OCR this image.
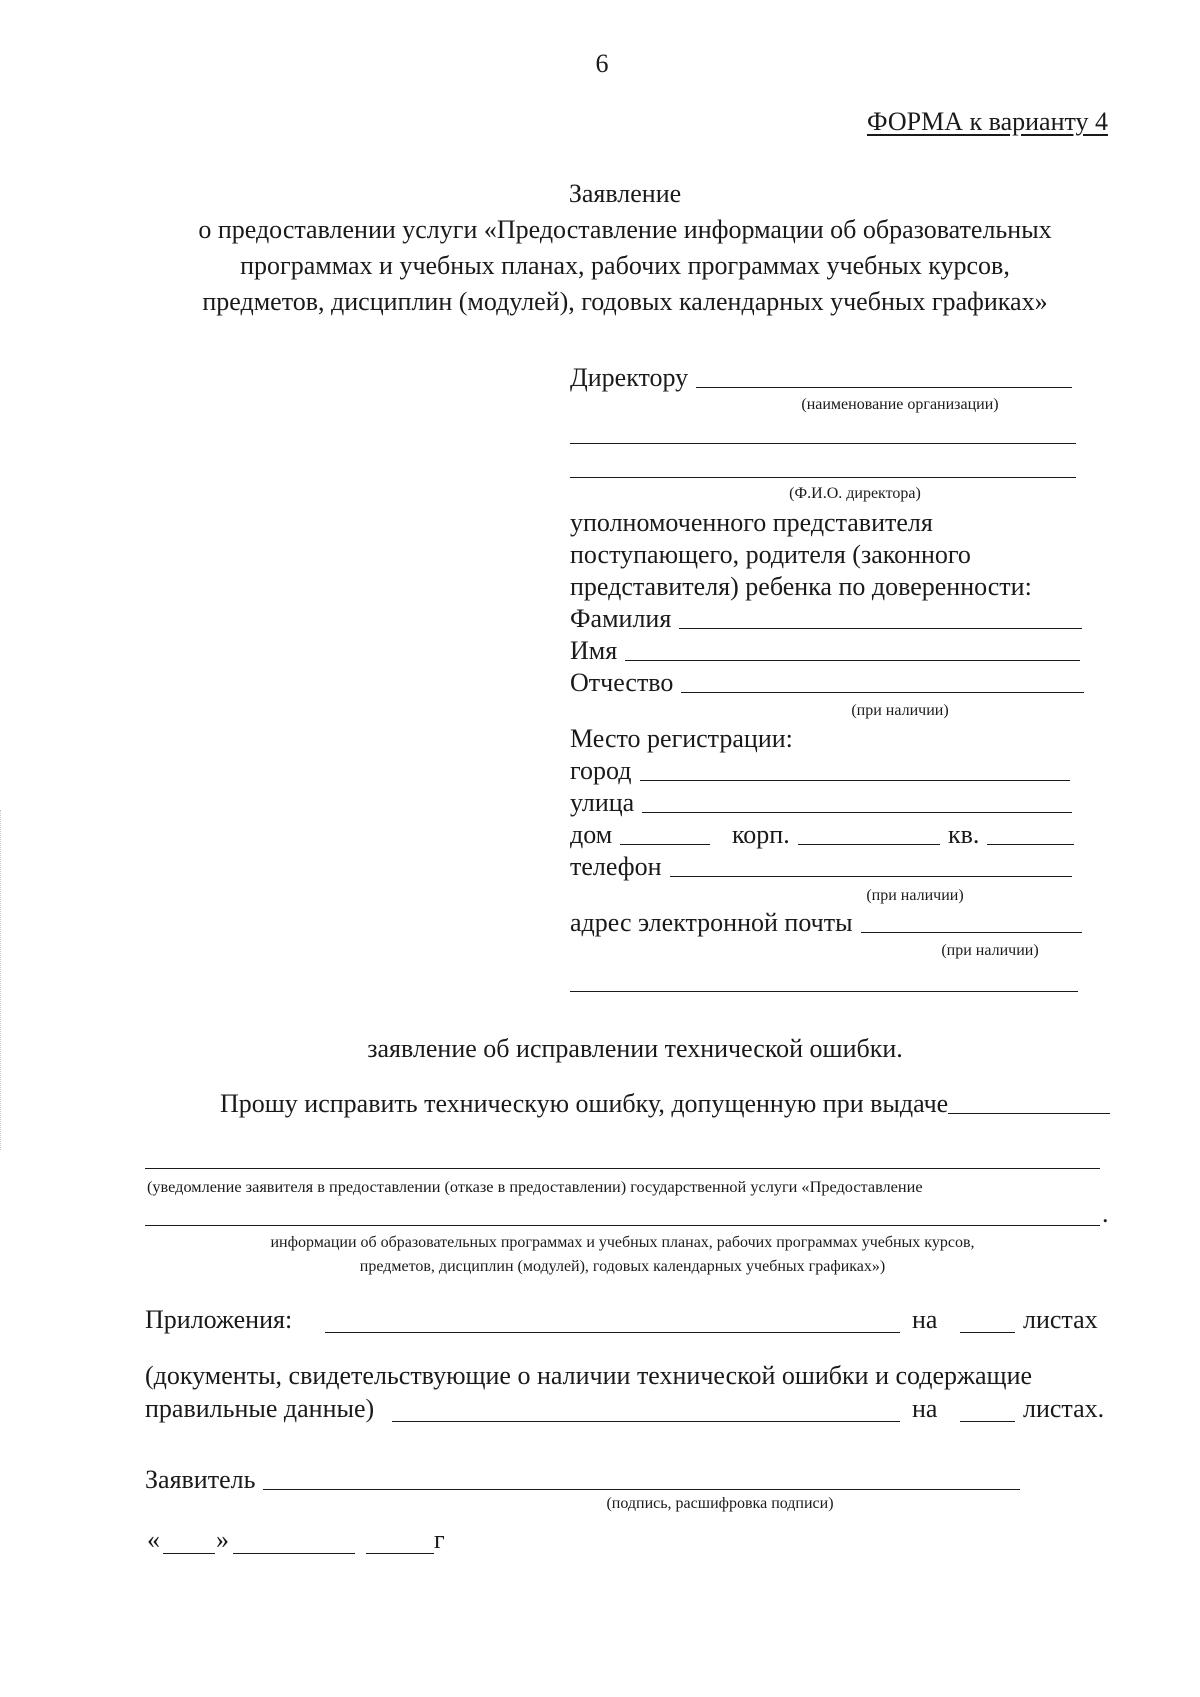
6
ФОРМА к варианту 4
Заявление
о предоставлении услуги «Предоставление информации об образовательных
программах и учебных планах, рабочих программах учебных курсов,
предметов, дисциплин (модулей), годовых календарных учебных графиках»
Директору
(наименование организации)
(Ф.И.О. директора)
уполномоченного представителя
поступающего, родителя (законного
представителя) ребенка по доверенности:
Фамилия
Имя
Отчество
(при наличии)
Место регистрации:
город
улица
дом	корп.	кв.
телефон
(при наличии)
адрес электронной почты
(при наличии)
заявление об исправлении технической ошибки.
Прошу исправить техническую ошибку, допущенную при выдаче
(уведомление заявителя в предоставлении (отказе в предоставлении) государственной услуги «Предоставление
.
информации об образовательных программах и учебных планах, рабочих программах учебных курсов,
предметов, дисциплин (модулей), годовых календарных учебных графиках»)
Приложения:	на	листах
(документы, свидетельствующие о наличии технической ошибки и содержащие
правильные данные)	на	листах.
Заявитель
(подпись, расшифровка подписи)
« »	г
